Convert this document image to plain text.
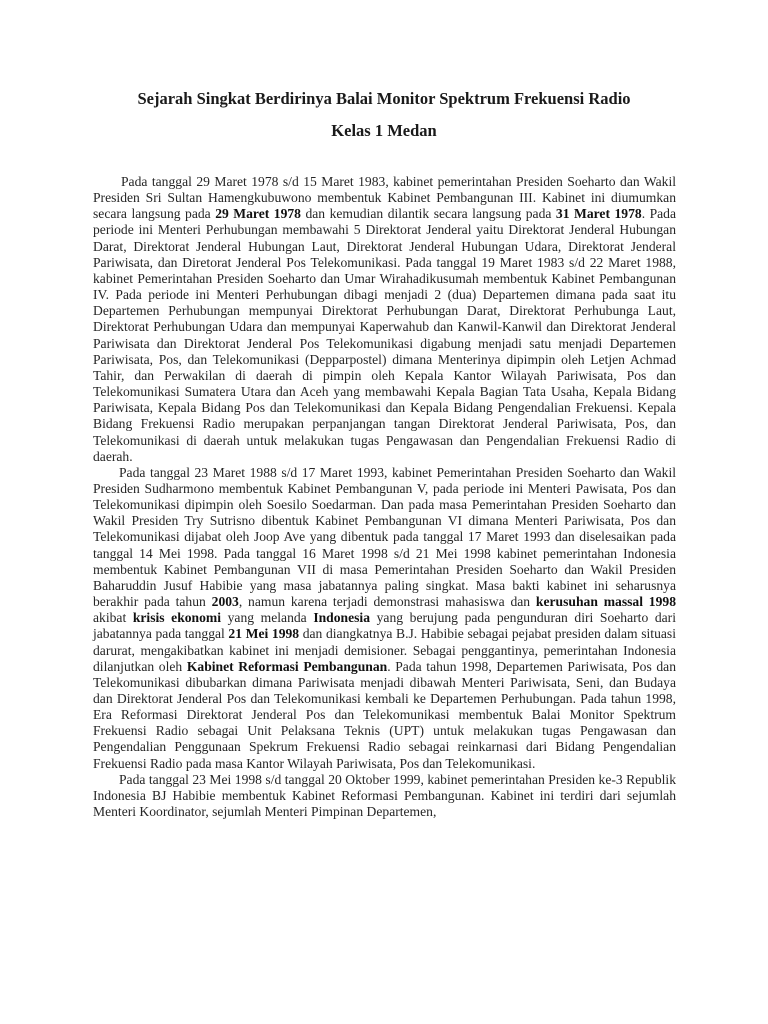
Sejarah Singkat Berdirinya Balai Monitor Spektrum Frekuensi Radio
Kelas 1 Medan

Pada tanggal 29 Maret 1978 s/d 15 Maret 1983, kabinet pemerintahan Presiden Soeharto dan Wakil Presiden Sri Sultan Hamengkubuwono membentuk Kabinet Pembangunan III. Kabinet ini diumumkan secara langsung pada 29 Maret 1978 dan kemudian dilantik secara langsung pada 31 Maret 1978. Pada periode ini Menteri Perhubungan membawahi 5 Direktorat Jenderal yaitu Direktorat Jenderal Hubungan Darat, Direktorat Jenderal Hubungan Laut, Direktorat Jenderal Hubungan Udara, Direktorat Jenderal Pariwisata, dan Diretorat Jenderal Pos Telekomunikasi. Pada tanggal 19 Maret 1983 s/d 22 Maret 1988, kabinet Pemerintahan Presiden Soeharto dan Umar Wirahadikusumah membentuk Kabinet Pembangunan IV. Pada periode ini Menteri Perhubungan dibagi menjadi 2 (dua) Departemen dimana pada saat itu Departemen Perhubungan mempunyai Direktorat Perhubungan Darat, Direktorat Perhubunga Laut, Direktorat Perhubungan Udara dan mempunyai Kaperwahub dan Kanwil-Kanwil dan Direktorat Jenderal Pariwisata dan Direktorat Jenderal Pos Telekomunikasi digabung menjadi satu menjadi Departemen Pariwisata, Pos, dan Telekomunikasi (Depparpostel) dimana Menterinya dipimpin oleh Letjen Achmad Tahir, dan Perwakilan di daerah di pimpin oleh Kepala Kantor Wilayah Pariwisata, Pos dan Telekomunikasi Sumatera Utara dan Aceh yang membawahi Kepala Bagian Tata Usaha, Kepala Bidang Pariwisata, Kepala Bidang Pos dan Telekomunikasi dan Kepala Bidang Pengendalian Frekuensi. Kepala Bidang Frekuensi Radio merupakan perpanjangan tangan Direktorat Jenderal Pariwisata, Pos, dan Telekomunikasi di daerah untuk melakukan tugas Pengawasan dan Pengendalian Frekuensi Radio di daerah.

Pada tanggal 23 Maret 1988 s/d 17 Maret 1993, kabinet Pemerintahan Presiden Soeharto dan Wakil Presiden Sudharmono membentuk Kabinet Pembangunan V, pada periode ini Menteri Pawisata, Pos dan Telekomunikasi dipimpin oleh Soesilo Soedarman. Dan pada masa Pemerintahan Presiden Soeharto dan Wakil Presiden Try Sutrisno dibentuk Kabinet Pembangunan VI dimana Menteri Pariwisata, Pos dan Telekomunikasi dijabat oleh Joop Ave yang dibentuk pada tanggal 17 Maret 1993 dan diselesaikan pada tanggal 14 Mei 1998. Pada tanggal 16 Maret 1998 s/d 21 Mei 1998 kabinet pemerintahan Indonesia membentuk Kabinet Pembangunan VII di masa Pemerintahan Presiden Soeharto dan Wakil Presiden Baharuddin Jusuf Habibie yang masa jabatannya paling singkat. Masa bakti kabinet ini seharusnya berakhir pada tahun 2003, namun karena terjadi demonstrasi mahasiswa dan kerusuhan massal 1998 akibat krisis ekonomi yang melanda Indonesia yang berujung pada pengunduran diri Soeharto dari jabatannya pada tanggal 21 Mei 1998 dan diangkatnya B.J. Habibie sebagai pejabat presiden dalam situasi darurat, mengakibatkan kabinet ini menjadi demisioner. Sebagai penggantinya, pemerintahan Indonesia dilanjutkan oleh Kabinet Reformasi Pembangunan. Pada tahun 1998, Departemen Pariwisata, Pos dan Telekomunikasi dibubarkan dimana Pariwisata menjadi dibawah Menteri Pariwisata, Seni, dan Budaya dan Direktorat Jenderal Pos dan Telekomunikasi kembali ke Departemen Perhubungan. Pada tahun 1998, Era Reformasi Direktorat Jenderal Pos dan Telekomunikasi membentuk Balai Monitor Spektrum Frekuensi Radio sebagai Unit Pelaksana Teknis (UPT) untuk melakukan tugas Pengawasan dan Pengendalian Penggunaan Spekrum Frekuensi Radio sebagai reinkarnasi dari Bidang Pengendalian Frekuensi Radio pada masa Kantor Wilayah Pariwisata, Pos dan Telekomunikasi.

Pada tanggal 23 Mei 1998 s/d tanggal 20 Oktober 1999, kabinet pemerintahan Presiden ke-3 Republik Indonesia BJ Habibie membentuk Kabinet Reformasi Pembangunan. Kabinet ini terdiri dari sejumlah Menteri Koordinator, sejumlah Menteri Pimpinan Departemen,
